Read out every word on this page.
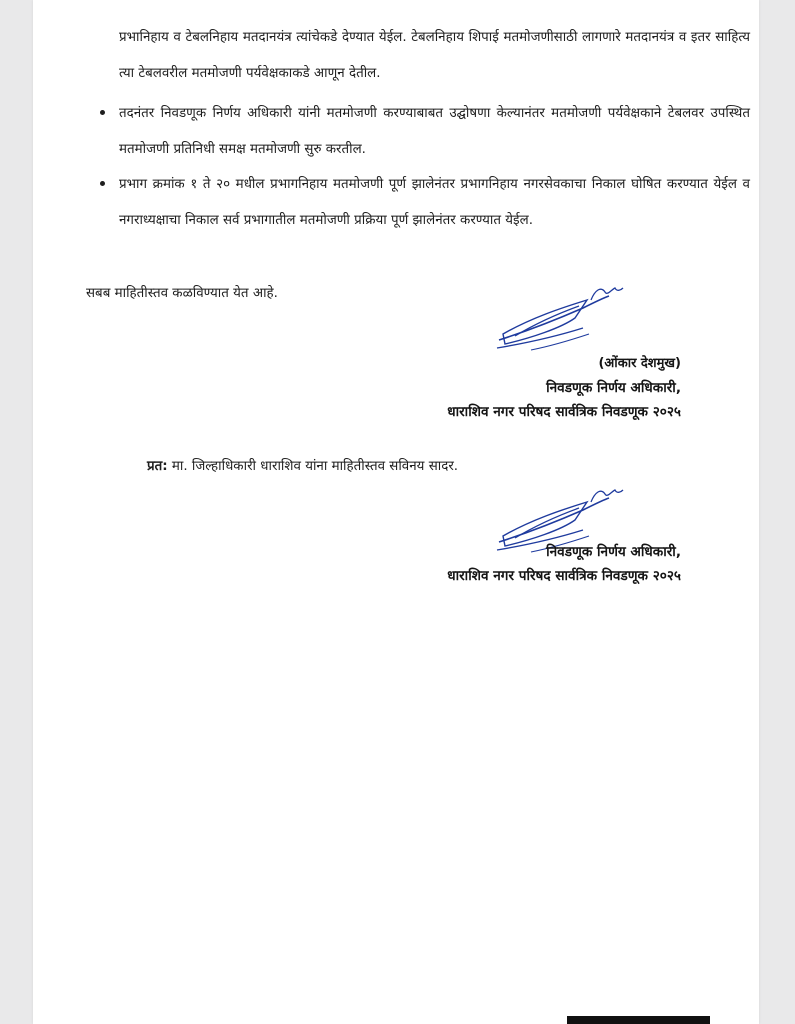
प्रभानिहाय व टेबलनिहाय मतदानयंत्र त्यांचेकडे देण्यात येईल. टेबलनिहाय शिपाई मतमोजणीसाठी लागणारे मतदानयंत्र व इतर साहित्य त्या टेबलवरील मतमोजणी पर्यवेक्षकाकडे आणून देतील.
तदनंतर निवडणूक निर्णय अधिकारी यांनी मतमोजणी करण्याबाबत उद्घोषणा केल्यानंतर मतमोजणी पर्यवेक्षकाने टेबलवर उपस्थित मतमोजणी प्रतिनिधी समक्ष मतमोजणी सुरु करतील.
प्रभाग क्रमांक १ ते २० मधील प्रभागनिहाय मतमोजणी पूर्ण झालेनंतर प्रभागनिहाय नगरसेवकाचा निकाल घोषित करण्यात येईल व नगराध्यक्षाचा निकाल सर्व प्रभागातील मतमोजणी प्रक्रिया पूर्ण झालेनंतर करण्यात येईल.
सबब माहितीस्तव कळविण्यात येत आहे.
(ओंकार देशमुख)
निवडणूक निर्णय अधिकारी,
धाराशिव नगर परिषद सार्वत्रिक निवडणूक २०२५
प्रत: मा. जिल्हाधिकारी धाराशिव यांना माहितीस्तव सविनय सादर.
निवडणूक निर्णय अधिकारी,
धाराशिव नगर परिषद सार्वत्रिक निवडणूक २०२५
